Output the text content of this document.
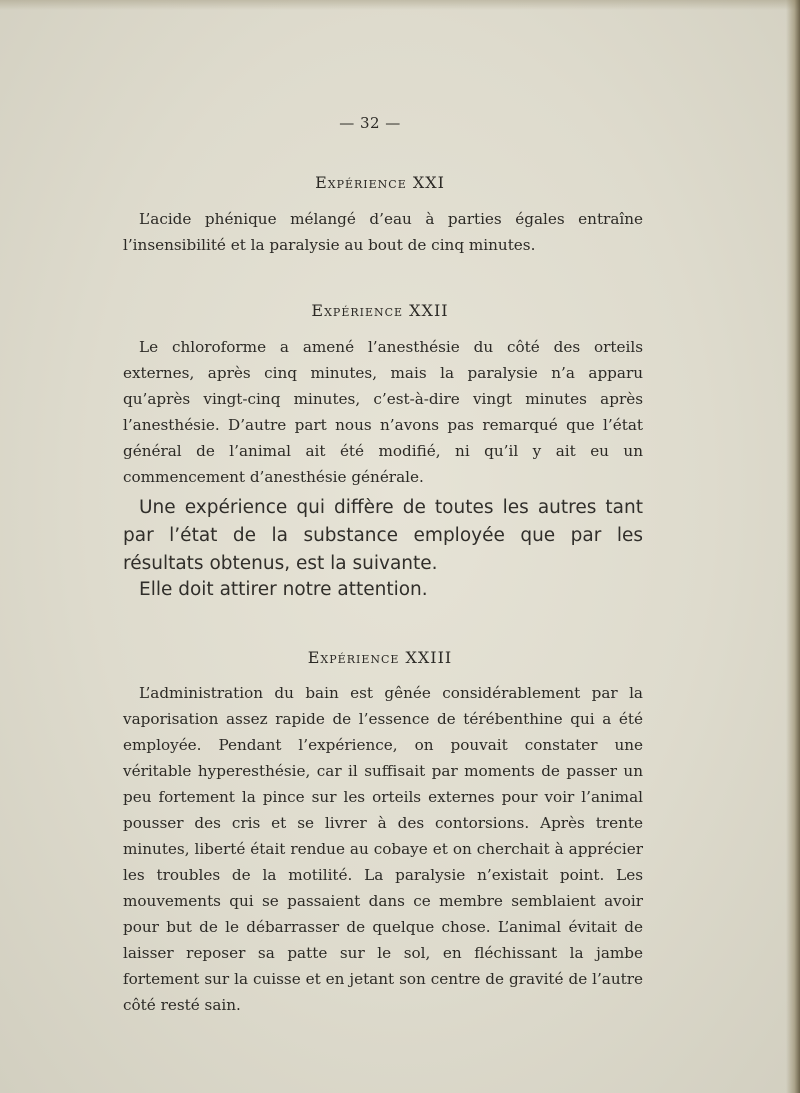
— 32 —
Expérience XXI

L’acide phénique mélangé d’eau à parties égales entraîne l’insensibilité et la paralysie au bout de cinq minutes.

Expérience XXII

Le chloroforme a amené l’anesthésie du côté des orteils externes, après cinq minutes, mais la paralysie n’a apparu qu’après vingt-cinq minutes, c’est-à-dire vingt minutes après l’anesthésie. D’autre part nous n’avons pas remarqué que l’état général de l’animal ait été modifié, ni qu’il y ait eu un commencement d’anesthésie générale.

Une expérience qui diffère de toutes les autres tant par l’état de la substance employée que par les résultats obtenus, est la suivante.

Elle doit attirer notre attention.

Expérience XXIII

L’administration du bain est gênée considérablement par la vaporisation assez rapide de l’essence de térébenthine qui a été employée. Pendant l’expérience, on pouvait constater une véritable hyperesthésie, car il suffisait par moments de passer un peu fortement la pince sur les orteils externes pour voir l’animal pousser des cris et se livrer à des contorsions. Après trente minutes, liberté était rendue au cobaye et on cherchait à apprécier les troubles de la motilité. La paralysie n’existait point. Les mouvements qui se passaient dans ce membre semblaient avoir pour but de le débarrasser de quelque chose. L’animal évitait de laisser reposer sa patte sur le sol, en fléchissant la jambe fortement sur la cuisse et en jetant son centre de gravité de l’autre côté resté sain.
